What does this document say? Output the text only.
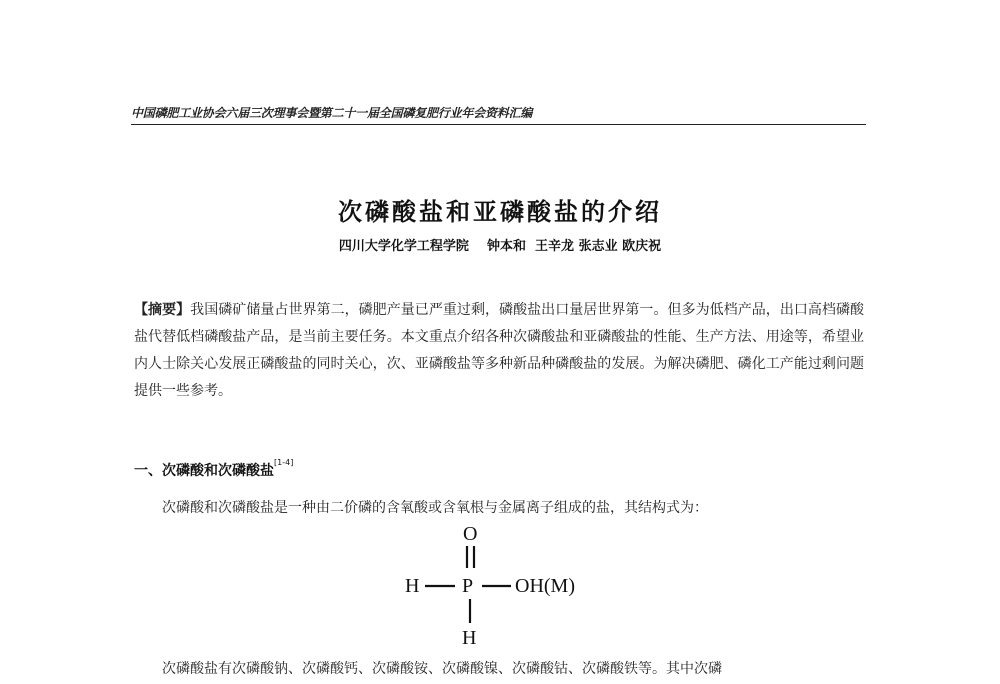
中国磷肥工业协会六届三次理事会暨第二十一届全国磷复肥行业年会资料汇编
次磷酸盐和亚磷酸盐的介绍
四川大学化学工程学院    钟本和  王辛龙 张志业 欧庆祝
【摘要】我国磷矿储量占世界第二，磷肥产量已严重过剩，磷酸盐出口量居世界第一。但多为低档产品，出口高档磷酸盐代替低档磷酸盐产品，是当前主要任务。本文重点介绍各种次磷酸盐和亚磷酸盐的性能、生产方法、用途等，希望业内人士除关心发展正磷酸盐的同时关心，次、亚磷酸盐等多种新品种磷酸盐的发展。为解决磷肥、磷化工产能过剩问题提供一些参考。
一、次磷酸和次磷酸盐[1-4]
次磷酸和次磷酸盐是一种由二价磷的含氧酸或含氧根与金属离子组成的盐，其结构式为：
O
H P OH(M)
H
次磷酸盐有次磷酸钠、次磷酸钙、次磷酸铵、次磷酸镍、次磷酸钴、次磷酸铁等。其中次磷
